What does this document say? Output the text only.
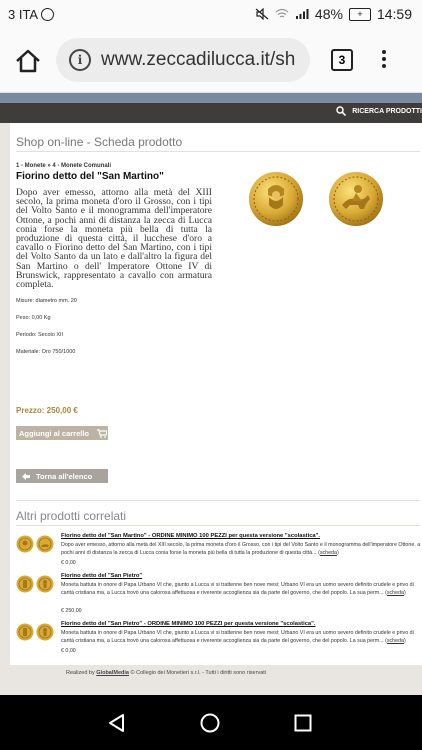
3 ITA	48%	+	14:59
i www.zeccadilucca.it/sh	3
RICERCA PRODOTTI
Shop on-line - Scheda prodotto
1 - Monete » 4 - Monete Comunali
Fiorino detto del "San Martino"
Dopo aver emesso, attorno alla metà del XIII secolo, la prima moneta d'oro il Grosso, con i tipi del Volto Santo e il monogramma dell'imperatore Ottone, a pochi anni di distanza la zecca di Lucca conia forse la moneta più bella di tutta la produzione di questa città, il lucchese d'oro a cavallo o Fiorino detto del San Martino, con i tipi del Volto Santo da un lato e dall'altro la figura del San Martino o dell' Imperatore Ottone IV di Brunswick, rappresentato a cavallo con armatura completa.
Misure: diametro mm. 20
Peso: 0,00 Kg
Periodo: Secolo XII
Materiale: Oro 750/1000
Prezzo: 250,00 €
Aggiungi al carrello
Torna all'elenco
Altri prodotti correlati
Fiorino detto del "San Martino" - ORDINE MINIMO 100 PEZZI per questa versione "scolastica".
Dopo aver emesso, attorno alla metà del XIII secolo, la prima moneta d'oro il Grosso, con i tipi del Volto Santo e il monogramma dell'imperatore Ottone, a pochi anni di distanza la zecca di Lucca conia forse la moneta più bella di tutta la produzione di questa città... (scheda)
€ 0,00
Fiorino detto del "San Pietro"
Moneta battuta in onore di Papa Urbano VI che, giunto a Lucca vi si trattenne ben nove mesi; Urbano VI era un uomo severo definito crudele e privo di carità cristiana ma, a Lucca trovò una calorosa affettuosa e riverente accoglienza sia da parte del governo, che del popolo. La sua perm... (scheda)
€ 250,00
Fiorino detto del "San Pietro" - ORDINE MINIMO 100 PEZZI per questa versione "scolastica".
Moneta battuta in onore di Papa Urbano VI che, giunto a Lucca vi si trattenne ben nove mesi; Urbano VI era un uomo severo definito crudele e privo di carità cristiana ma, a Lucca trovò una calorosa affettuosa e riverente accoglienza sia da parte del governo, che del popolo. La sua perm... (scheda)
€ 0,00
Realized by GlobalMedia © Collegio dei Monetieri s.r.l. - Tutti i diritti sono riservati
